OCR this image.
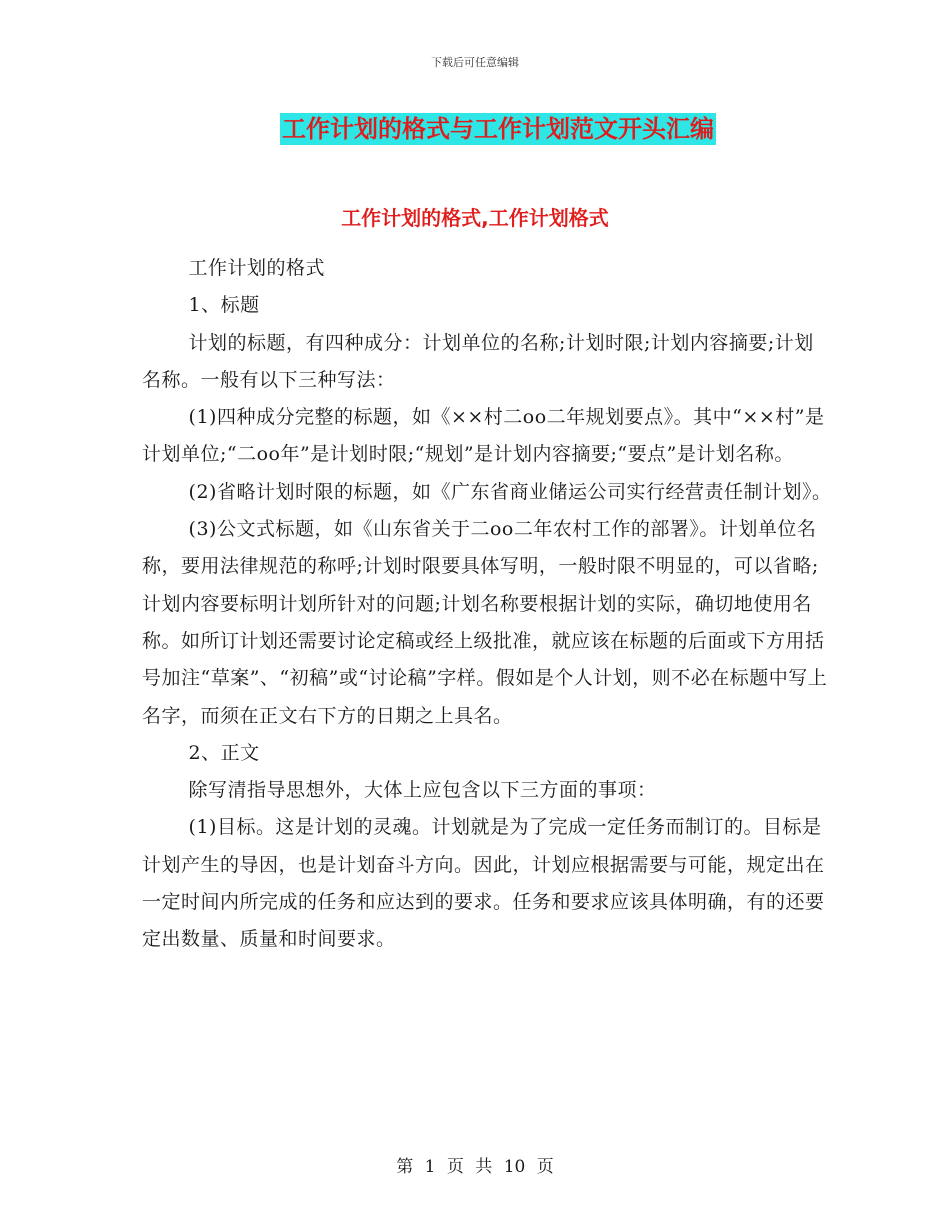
下载后可任意编辑
工作计划的格式与工作计划范文开头汇编
工作计划的格式,工作计划格式

工作计划的格式

1、标题

计划的标题，有四种成分：计划单位的名称;计划时限;计划内容摘要;计划名称。一般有以下三种写法：

(1)四种成分完整的标题，如《××村二oo二年规划要点》。其中“××村”是计划单位;“二oo年”是计划时限;“规划”是计划内容摘要;“要点”是计划名称。

(2)省略计划时限的标题，如《广东省商业储运公司实行经营责任制计划》。

(3)公文式标题，如《山东省关于二oo二年农村工作的部署》。计划单位名称，要用法律规范的称呼;计划时限要具体写明，一般时限不明显的，可以省略;计划内容要标明计划所针对的问题;计划名称要根据计划的实际，确切地使用名称。如所订计划还需要讨论定稿或经上级批准，就应该在标题的后面或下方用括号加注“草案”、“初稿”或“讨论稿”字样。假如是个人计划，则不必在标题中写上名字，而须在正文右下方的日期之上具名。

2、正文

除写清指导思想外，大体上应包含以下三方面的事项：

(1)目标。这是计划的灵魂。计划就是为了完成一定任务而制订的。目标是计划产生的导因，也是计划奋斗方向。因此，计划应根据需要与可能，规定出在一定时间内所完成的任务和应达到的要求。任务和要求应该具体明确，有的还要定出数量、质量和时间要求。

第 1 页 共 10 页
